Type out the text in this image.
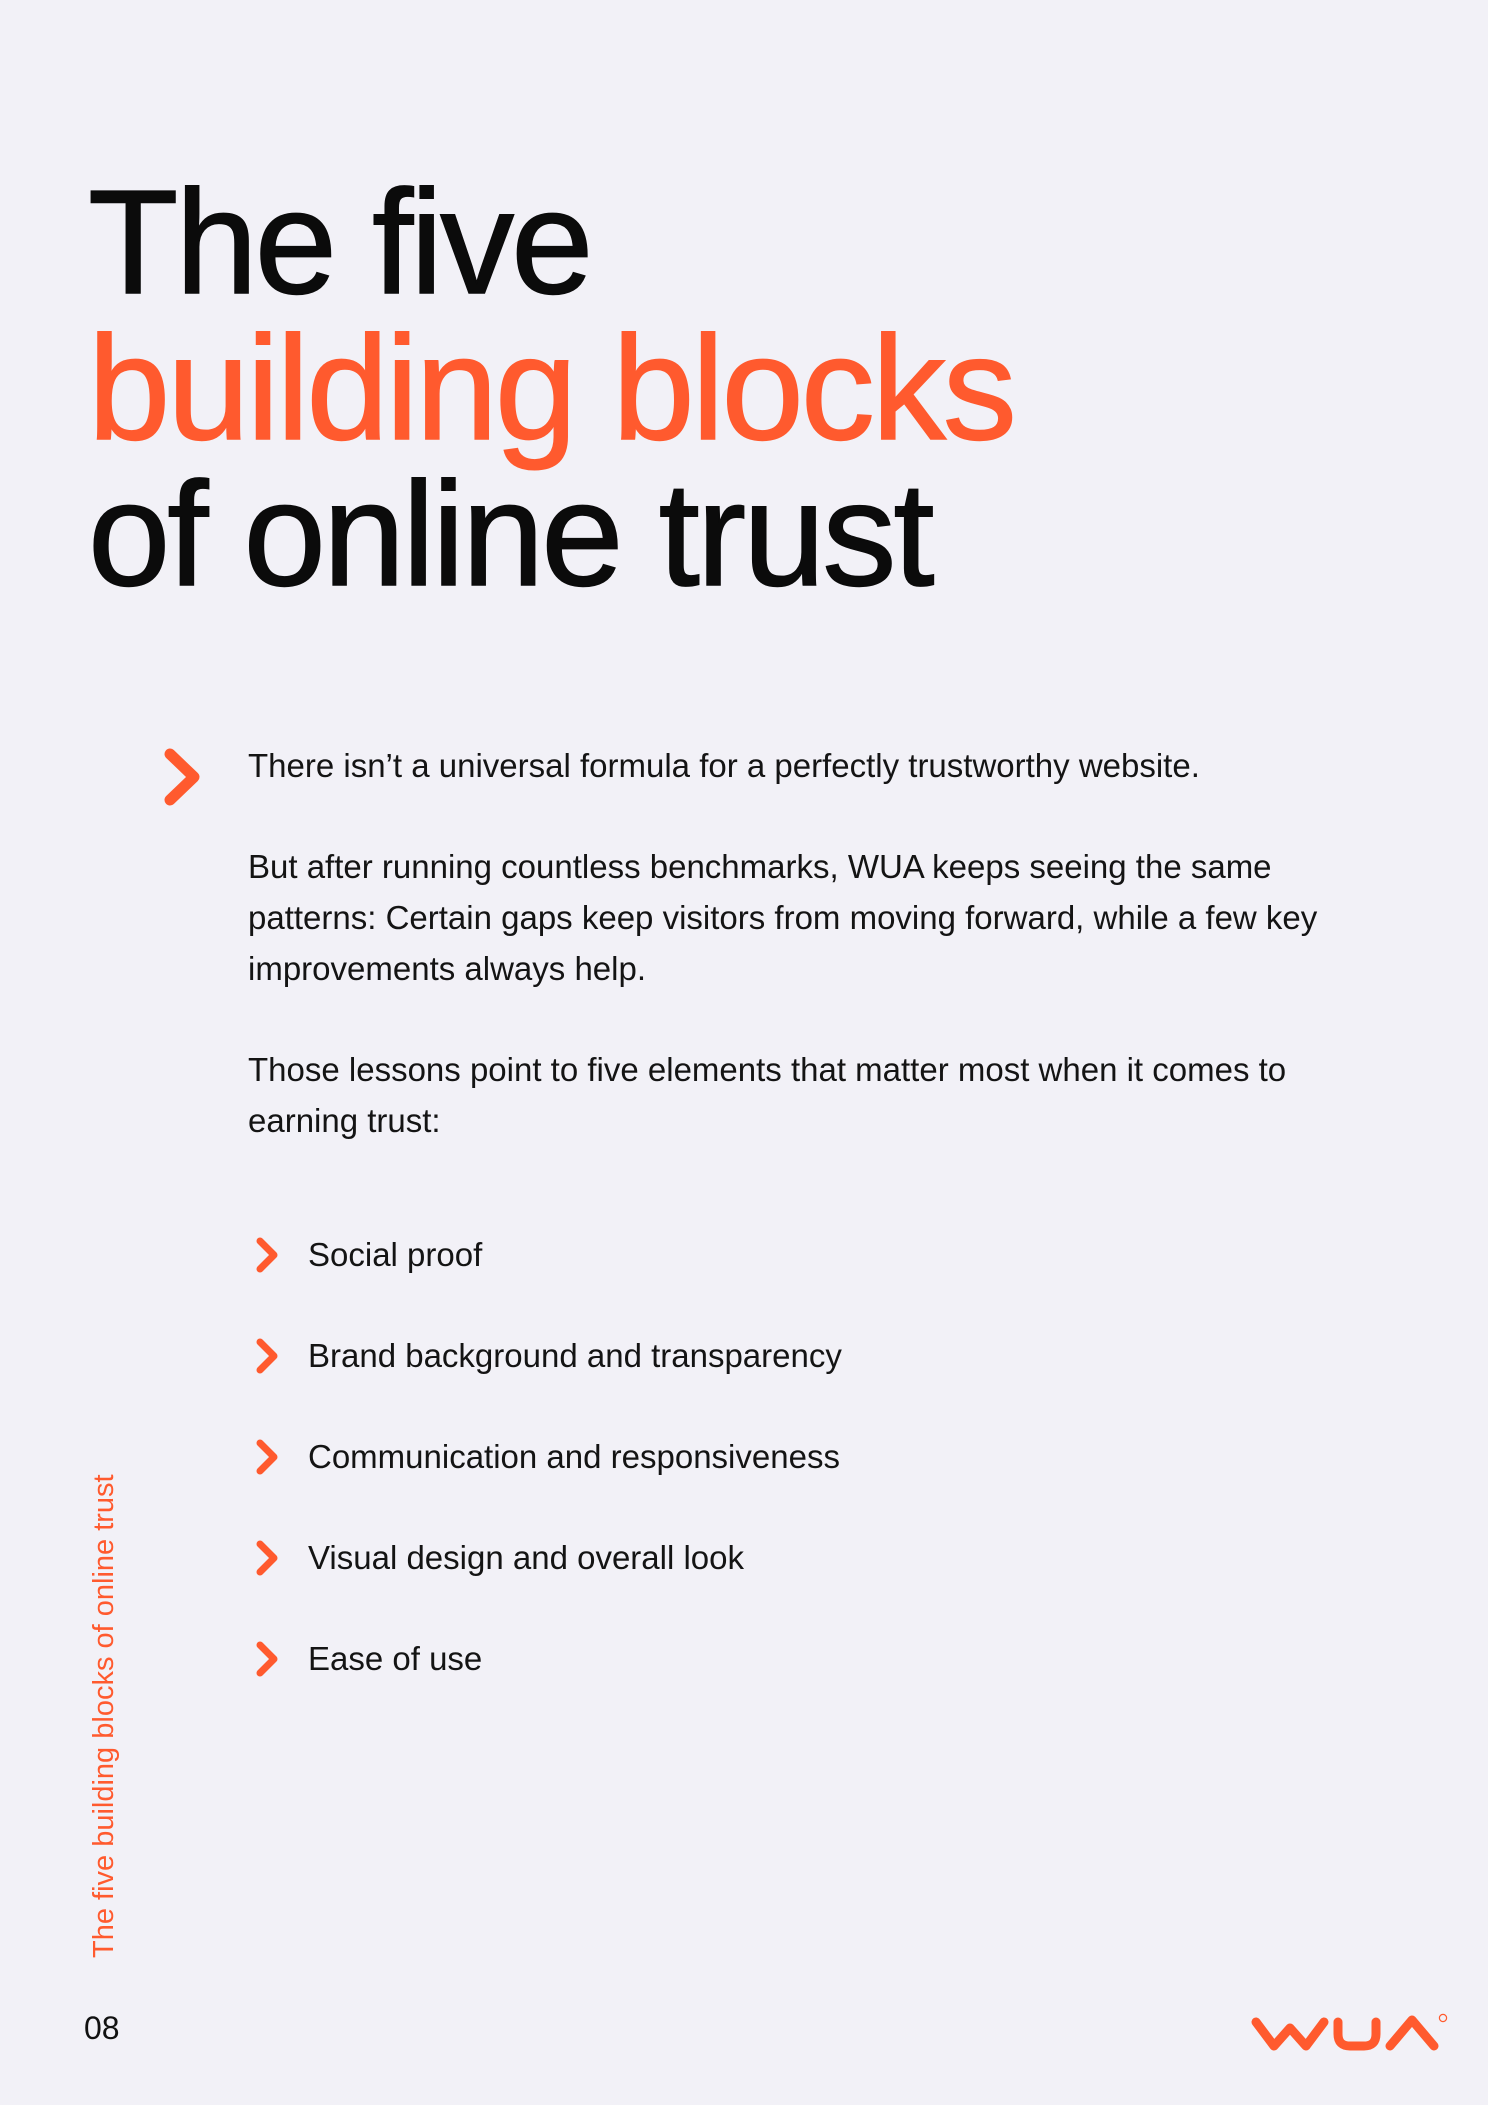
The five
building blocks
of online trust

There isn’t a universal formula for a perfectly trustworthy website.

But after running countless benchmarks, WUA keeps seeing the same patterns: Certain gaps keep visitors from moving forward, while a few key improvements always help.

Those lessons point to five elements that matter most when it comes to earning trust:

Social proof
Brand background and transparency
Communication and responsiveness
Visual design and overall look
Ease of use
The five building blocks of online trust
08
